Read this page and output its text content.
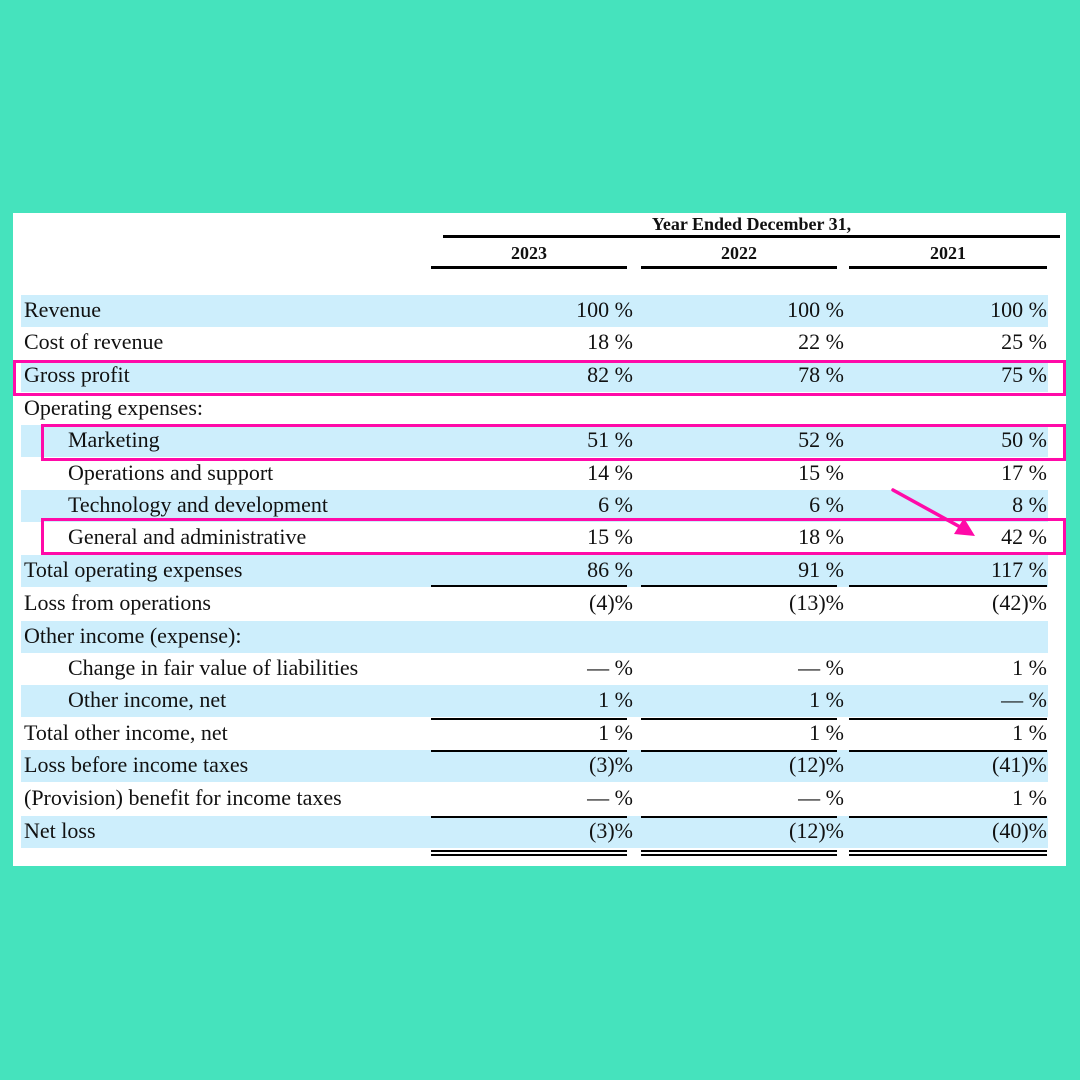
Year Ended December 31,
2023	2022	2021
Revenue	100 %	100 %	100 %
Cost of revenue	18 %	22 %	25 %
Gross profit	82 %	78 %	75 %
Operating expenses:
Marketing	51 %	52 %	50 %
Operations and support	14 %	15 %	17 %
Technology and development	6 %	6 %	8 %
General and administrative	15 %	18 %	42 %
Total operating expenses	86 %	91 %	117 %
Loss from operations	(4)%	(13)%	(42)%
Other income (expense):
Change in fair value of liabilities	— %	— %	1 %
Other income, net	1 %	1 %	— %
Total other income, net	1 %	1 %	1 %
Loss before income taxes	(3)%	(12)%	(41)%
(Provision) benefit for income taxes	— %	— %	1 %
Net loss	(3)%	(12)%	(40)%
